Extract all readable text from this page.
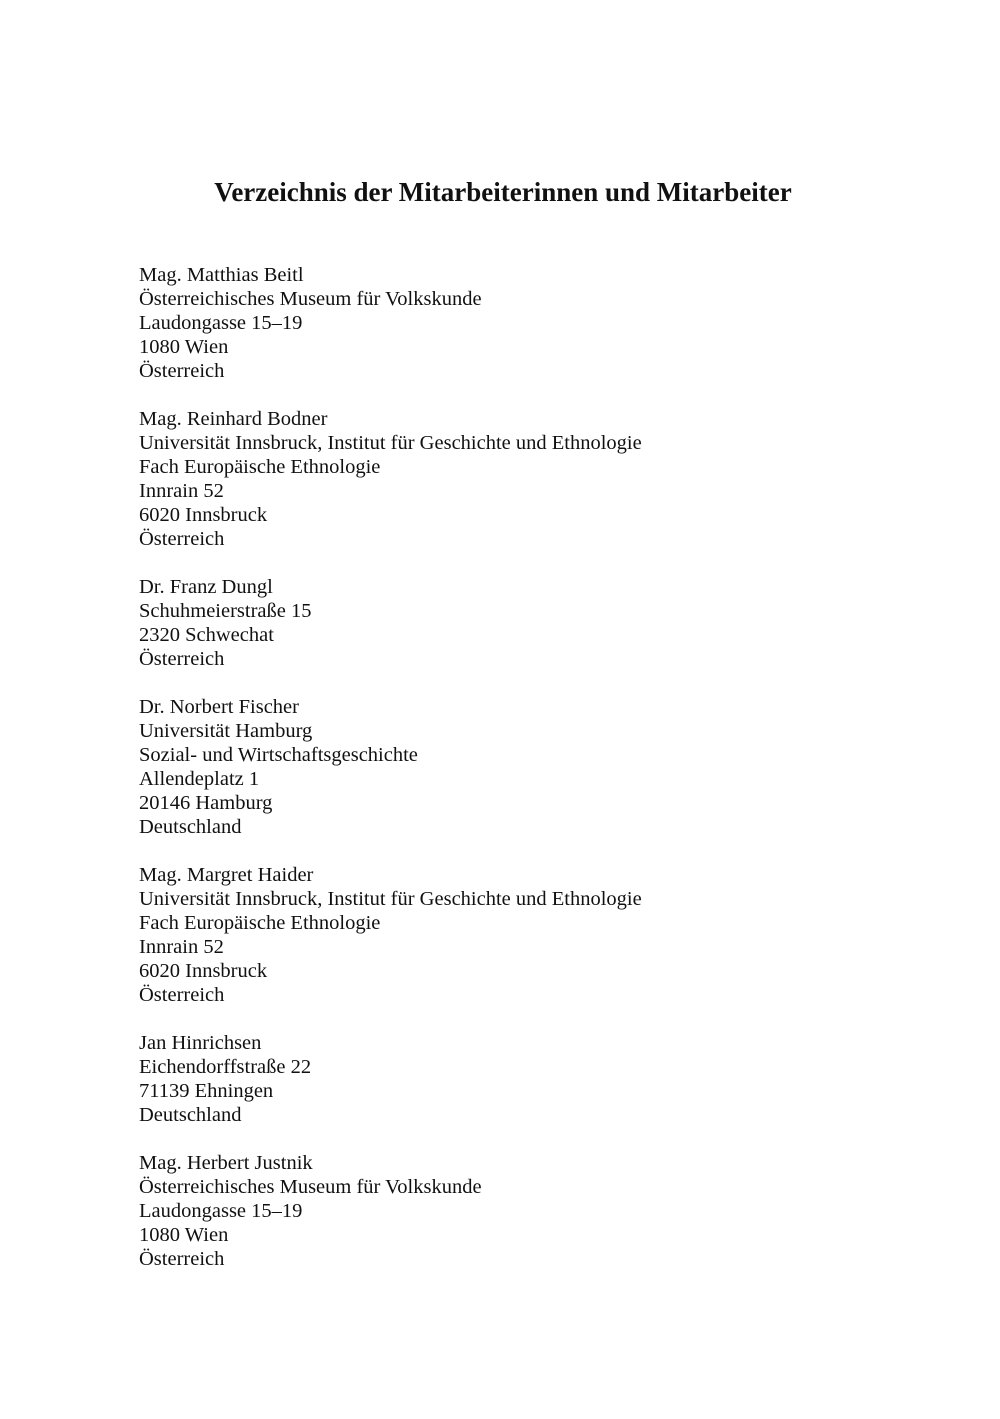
Verzeichnis der Mitarbeiterinnen und Mitarbeiter
Mag. Matthias Beitl
Österreichisches Museum für Volkskunde
Laudongasse 15–19
1080 Wien
Österreich
Mag. Reinhard Bodner
Universität Innsbruck, Institut für Geschichte und Ethnologie
Fach Europäische Ethnologie
Innrain 52
6020 Innsbruck
Österreich
Dr. Franz Dungl
Schuhmeierstraße 15
2320 Schwechat
Österreich
Dr. Norbert Fischer
Universität Hamburg
Sozial- und Wirtschaftsgeschichte
Allendeplatz 1
20146 Hamburg
Deutschland
Mag. Margret Haider
Universität Innsbruck, Institut für Geschichte und Ethnologie
Fach Europäische Ethnologie
Innrain 52
6020 Innsbruck
Österreich
Jan Hinrichsen
Eichendorffstraße 22
71139 Ehningen
Deutschland
Mag. Herbert Justnik
Österreichisches Museum für Volkskunde
Laudongasse 15–19
1080 Wien
Österreich
